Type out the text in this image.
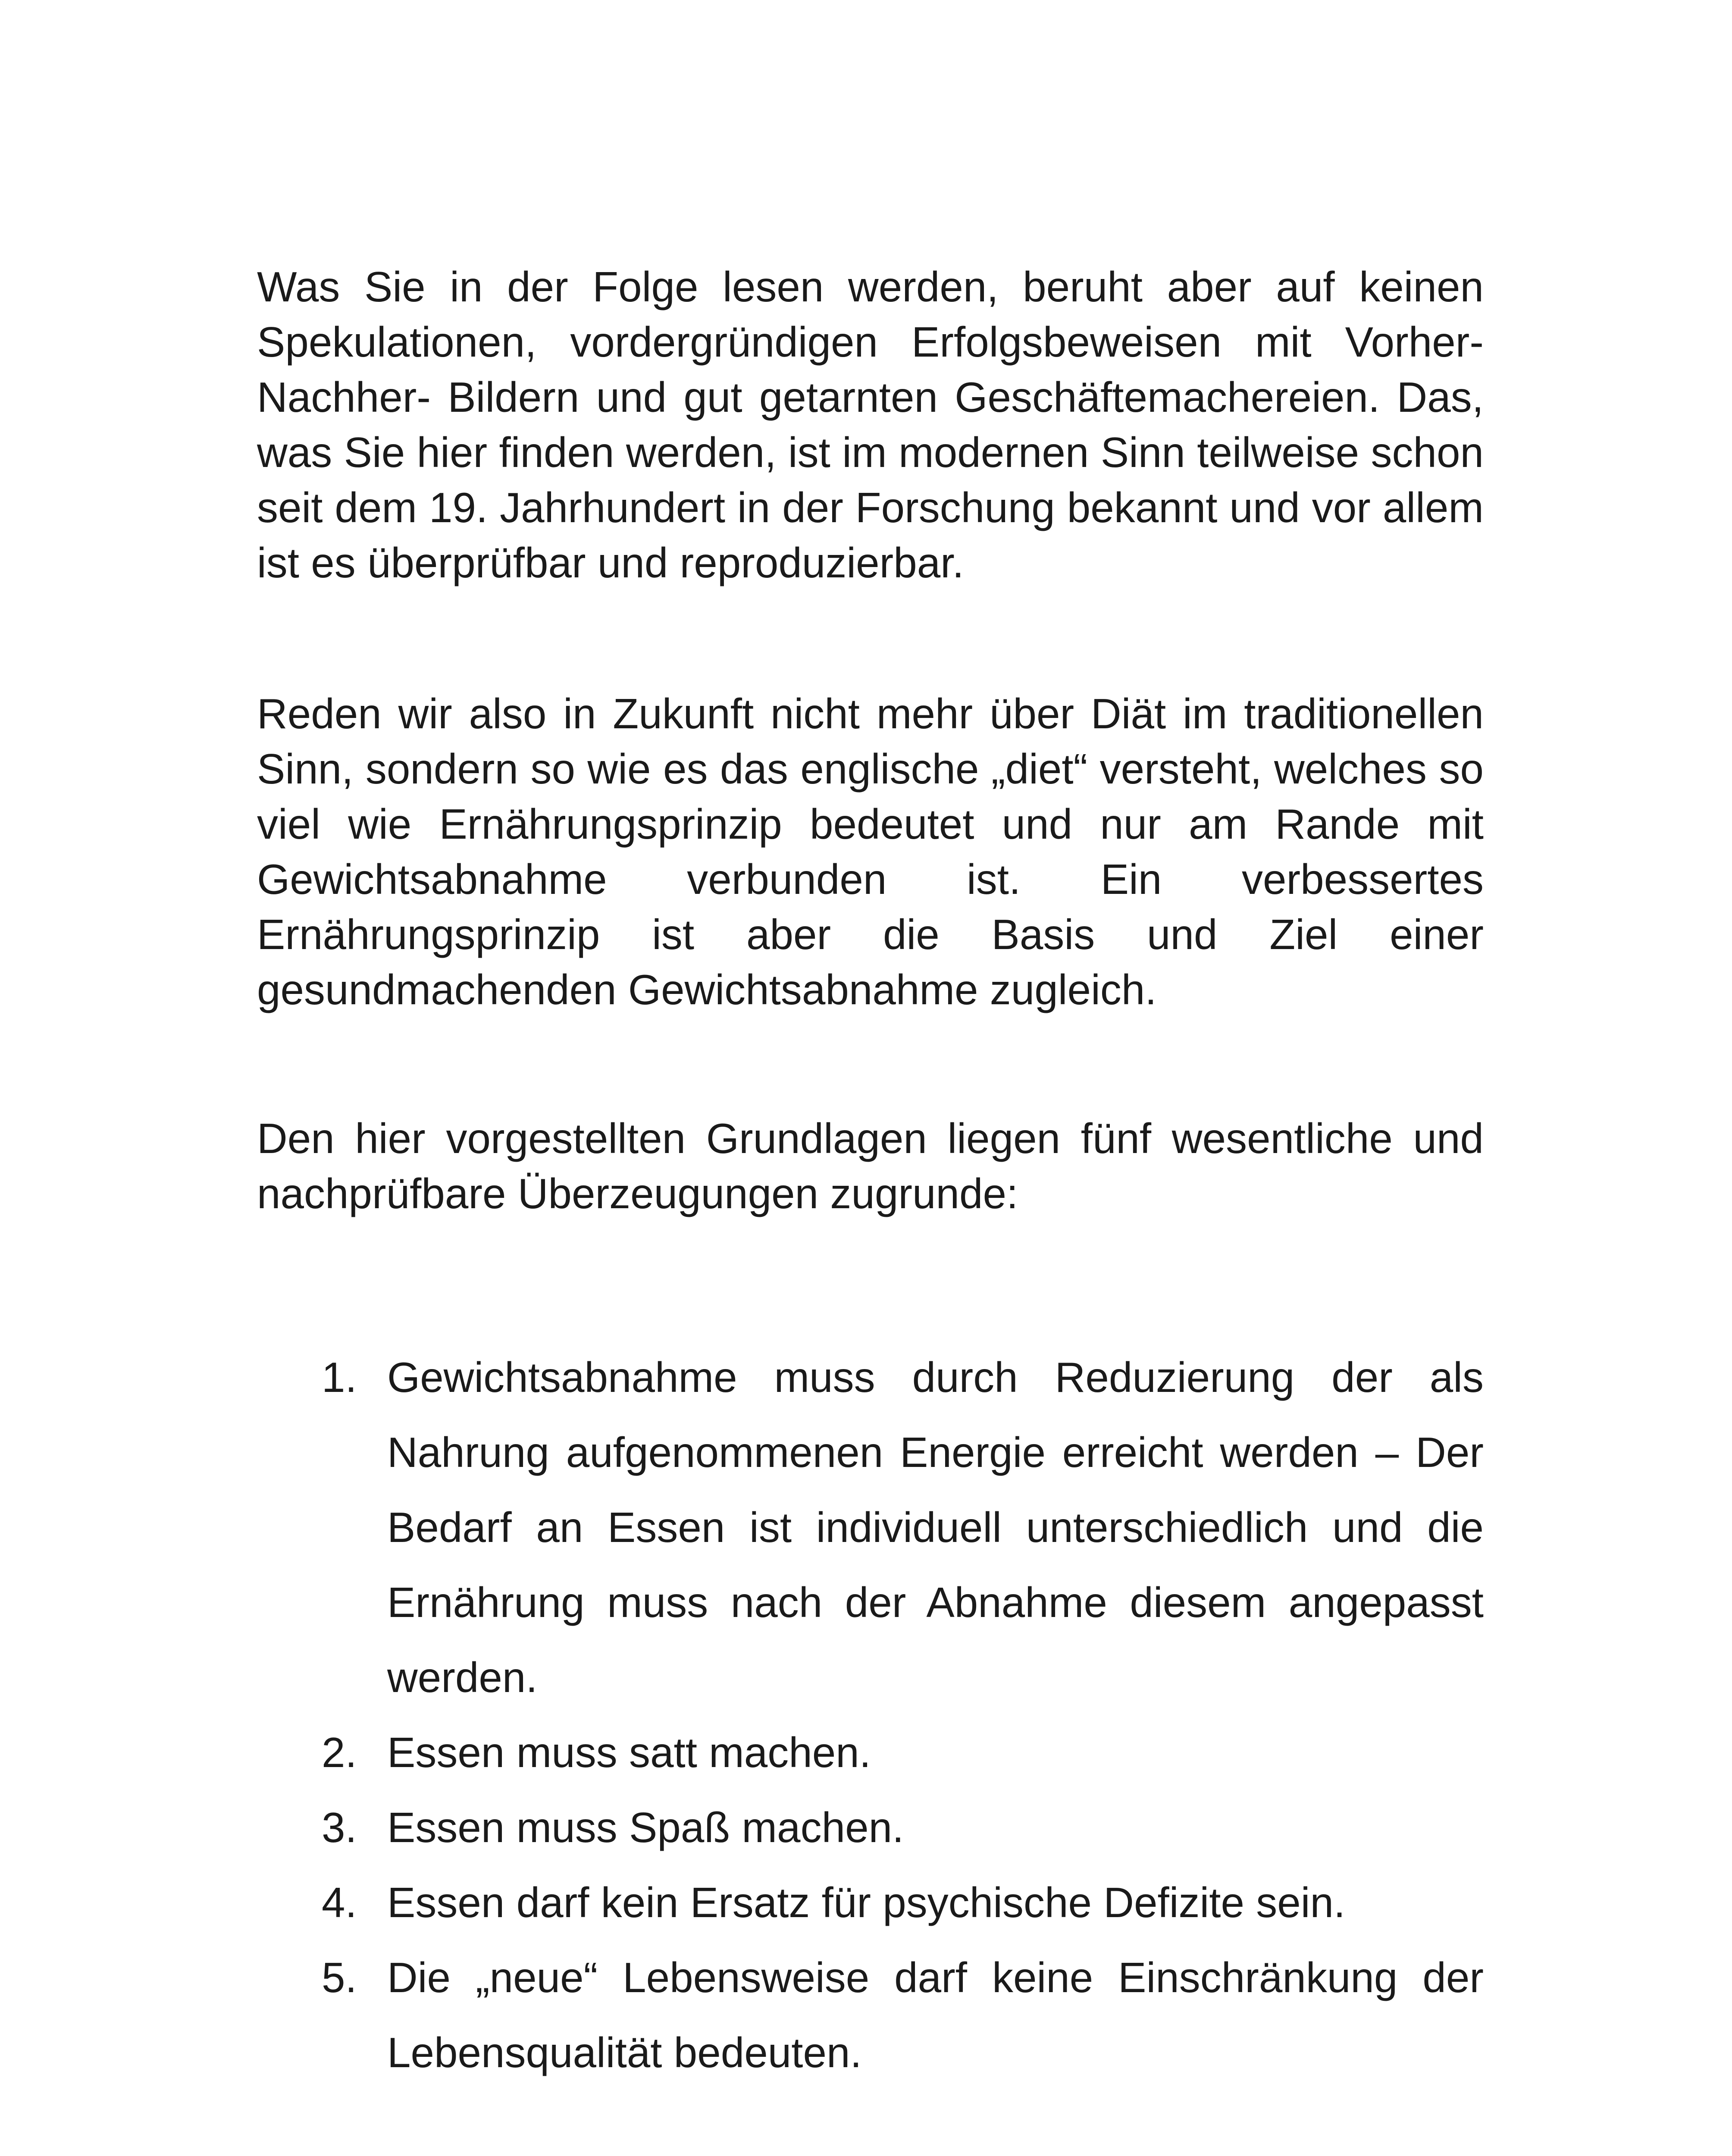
Was Sie in der Folge lesen werden, beruht aber auf keinen Spekulationen, vordergründigen Erfolgsbeweisen mit Vorher-Nachher- Bildern und gut getarnten Geschäftemachereien. Das, was Sie hier finden werden, ist im modernen Sinn teilweise schon seit dem 19. Jahrhundert in der Forschung bekannt und vor allem ist es überprüfbar und reproduzierbar.

Reden wir also in Zukunft nicht mehr über Diät im traditionellen Sinn, sondern so wie es das englische „diet“ versteht, welches so viel wie Ernährungsprinzip bedeutet und nur am Rande mit Gewichtsabnahme verbunden ist. Ein verbessertes Ernährungsprinzip ist aber die Basis und Ziel einer gesundmachenden Gewichtsabnahme zugleich.

Den hier vorgestellten Grundlagen liegen fünf wesentliche und nachprüfbare Überzeugungen zugrunde:

1. Gewichtsabnahme muss durch Reduzierung der als Nahrung aufgenommenen Energie erreicht werden – Der Bedarf an Essen ist individuell unterschiedlich und die Ernährung muss nach der Abnahme diesem angepasst werden.
2. Essen muss satt machen.
3. Essen muss Spaß machen.
4. Essen darf kein Ersatz für psychische Defizite sein.
5. Die „neue“ Lebensweise darf keine Einschränkung der Lebensqualität bedeuten.
